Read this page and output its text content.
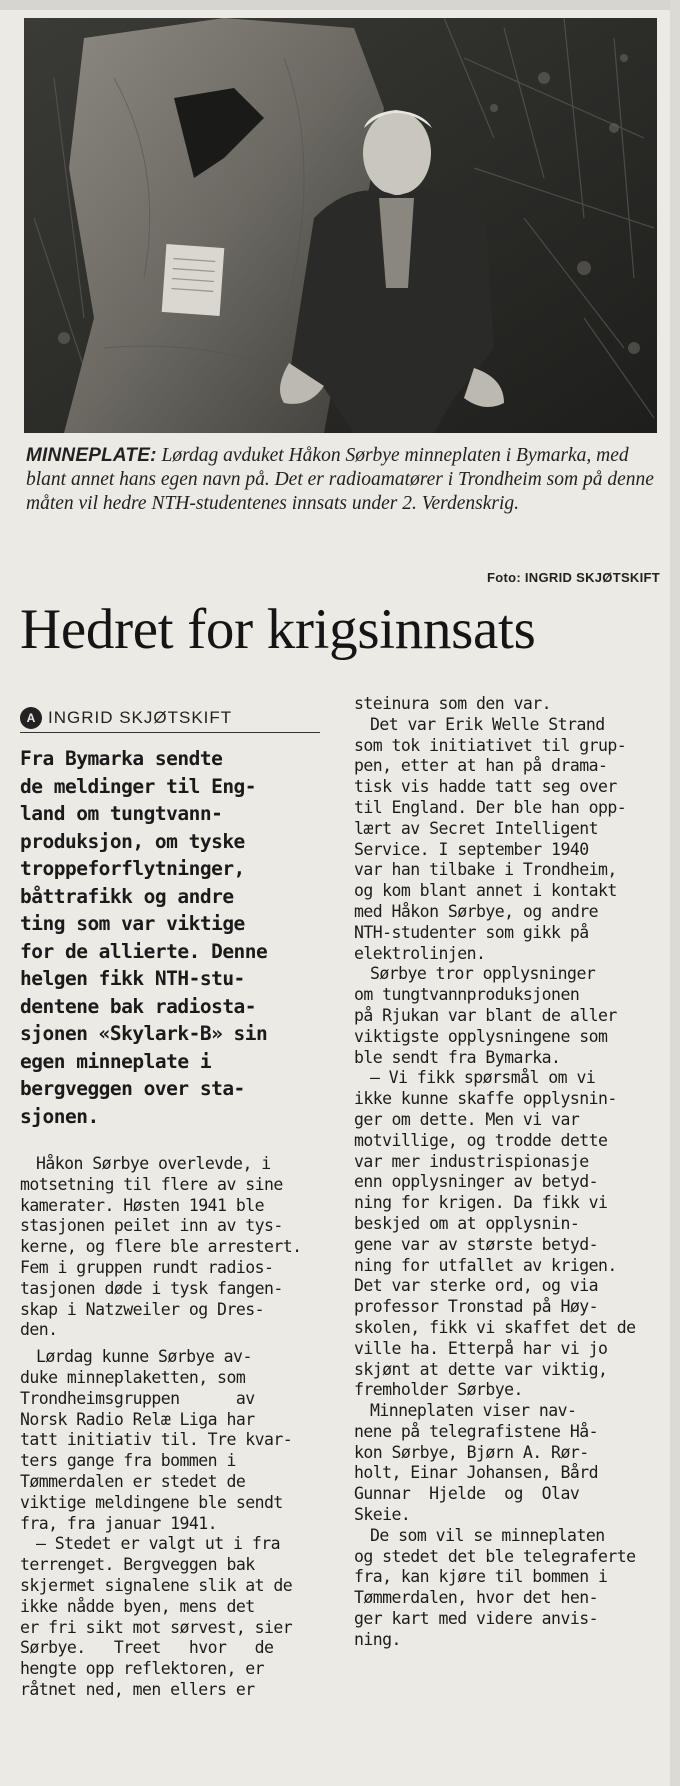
MINNEPLATE: Lørdag avduket Håkon Sørbye minneplaten i Bymarka, med blant annet hans egen navn på. Det er radioamatører i Trondheim som på denne måten vil hedre NTH-studentenes innsats under 2. Verdenskrig.
Foto: INGRID SKJØTSKIFT
Hedret for krigsinnsats
A INGRID SKJØTSKIFT
Fra Bymarka sendte
de meldinger til Eng-
land om tungtvann-
produksjon, om tyske
troppeforflytninger,
båttrafikk og andre
ting som var viktige
for de allierte. Denne
helgen fikk NTH-stu-
dentene bak radiosta-
sjonen «Skylark-B» sin
egen minneplate i
bergveggen over sta-
sjonen.
Håkon Sørbye overlevde, i
motsetning til flere av sine
kamerater. Høsten 1941 ble
stasjonen peilet inn av tys-
kerne, og flere ble arrestert.
Fem i gruppen rundt radios-
tasjonen døde i tysk fangen-
skap i Natzweiler og Dres-
den.
Lørdag kunne Sørbye av-
duke minneplaketten, som
Trondheimsgruppen      av
Norsk Radio Relæ Liga har
tatt initiativ til. Tre kvar-
ters gange fra bommen i
Tømmerdalen er stedet de
viktige meldingene ble sendt
fra, fra januar 1941.
– Stedet er valgt ut i fra
terrenget. Bergveggen bak
skjermet signalene slik at de
ikke nådde byen, mens det
er fri sikt mot sørvest, sier
Sørbye.   Treet   hvor   de
hengte opp reflektoren, er
råtnet ned, men ellers er
steinura som den var.
Det var Erik Welle Strand
som tok initiativet til grup-
pen, etter at han på drama-
tisk vis hadde tatt seg over
til England. Der ble han opp-
lært av Secret Intelligent
Service. I september 1940
var han tilbake i Trondheim,
og kom blant annet i kontakt
med Håkon Sørbye, og andre
NTH-studenter som gikk på
elektrolinjen.
Sørbye tror opplysninger
om tungtvannproduksjonen
på Rjukan var blant de aller
viktigste opplysningene som
ble sendt fra Bymarka.
– Vi fikk spørsmål om vi
ikke kunne skaffe opplysnin-
ger om dette. Men vi var
motvillige, og trodde dette
var mer industrispionasje
enn opplysninger av betyd-
ning for krigen. Da fikk vi
beskjed om at opplysnin-
gene var av største betyd-
ning for utfallet av krigen.
Det var sterke ord, og via
professor Tronstad på Høy-
skolen, fikk vi skaffet det de
ville ha. Etterpå har vi jo
skjønt at dette var viktig,
fremholder Sørbye.
Minneplaten viser nav-
nene på telegrafistene Hå-
kon Sørbye, Bjørn A. Rør-
holt, Einar Johansen, Bård
Gunnar  Hjelde  og  Olav
Skeie.
De som vil se minneplaten
og stedet det ble telegraferte
fra, kan kjøre til bommen i
Tømmerdalen, hvor det hen-
ger kart med videre anvis-
ning.
